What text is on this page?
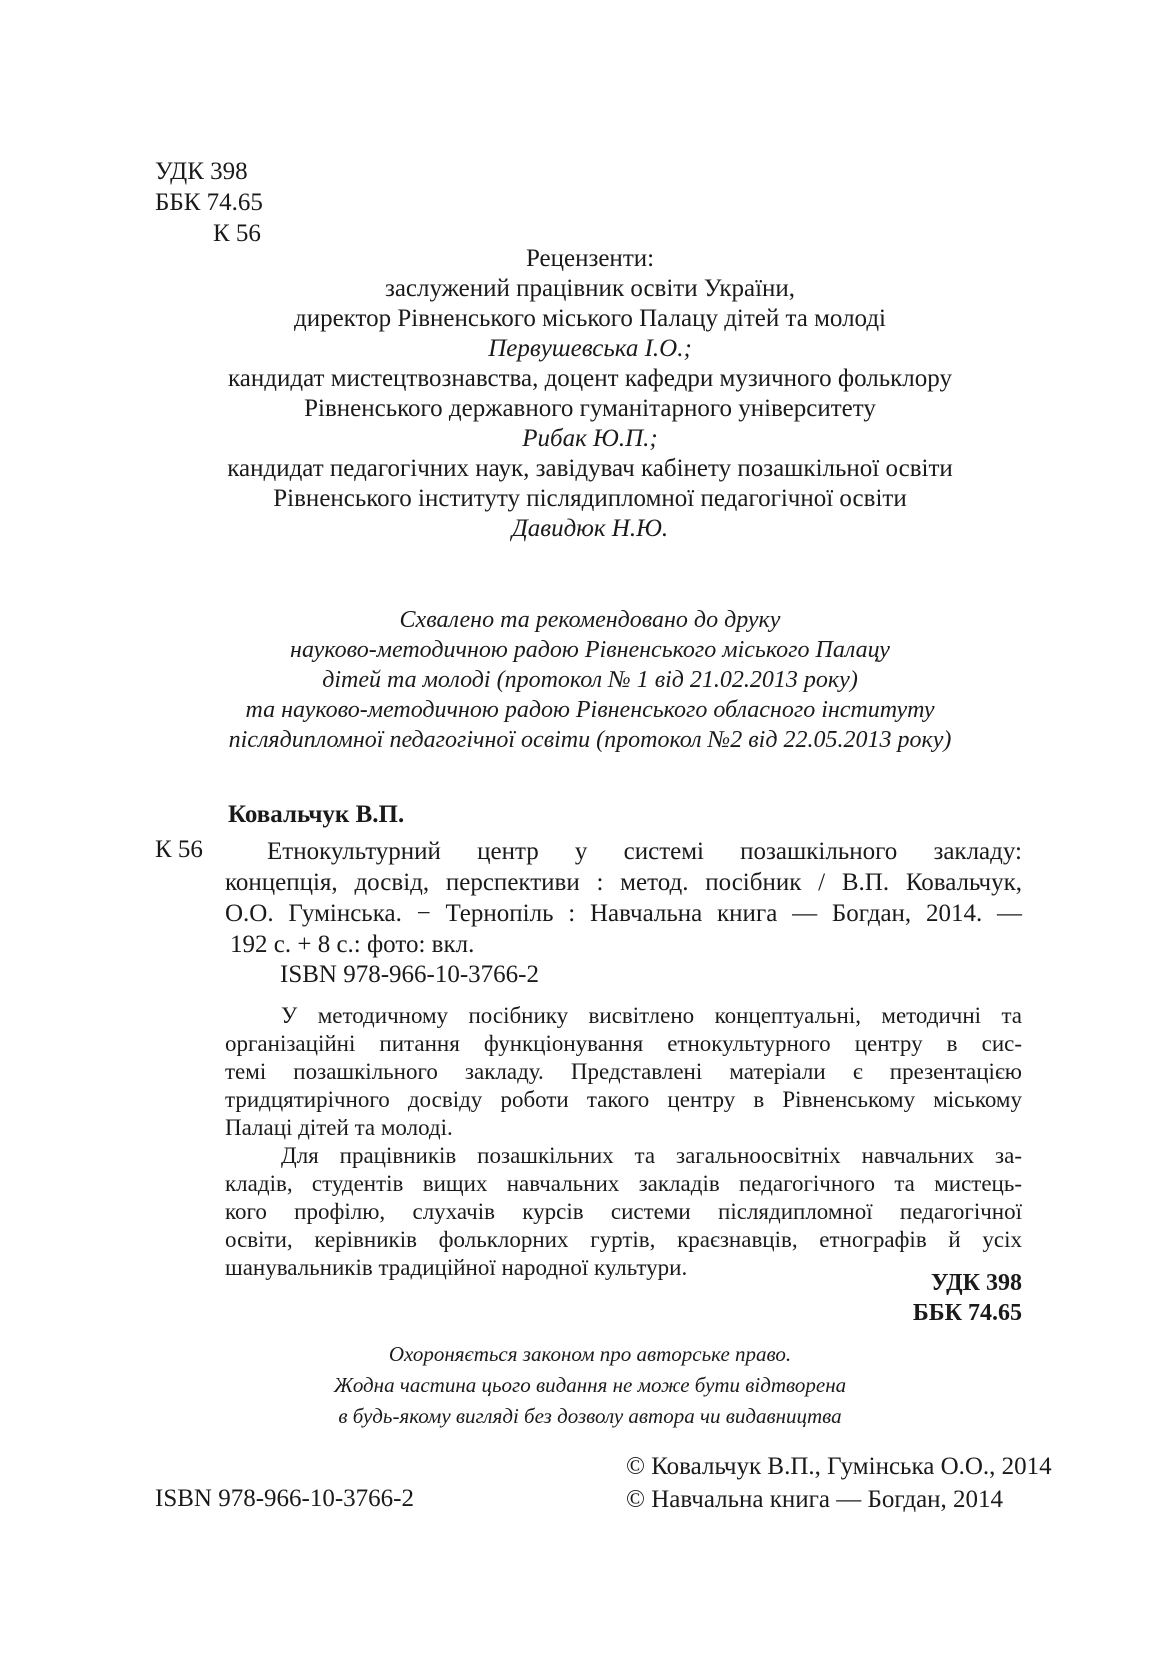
УДК 398
ББК 74.65
К 56
Рецензенти:
заслужений працівник освіти України,
директор Рівненського міського Палацу дітей та молоді
Первушевська І.О.;
кандидат мистецтвознавства, доцент кафедри музичного фольклору
Рівненського державного гуманітарного університету
Рибак Ю.П.;
кандидат педагогічних наук, завідувач кабінету позашкільної освіти
Рівненського інституту післядипломної педагогічної освіти
Давидюк Н.Ю.
Схвалено та рекомендовано до друку
науково-методичною радою Рівненського міського Палацу
дітей та молоді (протокол № 1 від 21.02.2013 року)
та науково-методичною радою Рівненського обласного інституту
післядипломної педагогічної освіти (протокол №2 від 22.05.2013 року)
Ковальчук В.П.
К 56	Етнокультурний центр у системі позашкільного закладу:
концепція, досвід, перспективи : метод. посібник / В.П. Ковальчук,
О.О. Гумінська. − Тернопіль : Навчальна книга — Богдан, 2014. —
192 с. + 8 с.: фото: вкл.
ISBN 978-966-10-3766-2
У методичному посібнику висвітлено концептуальні, методичні та
організаційні питання функціонування етнокультурного центру в сис-
темі позашкільного закладу. Представлені матеріали є презентацією
тридцятирічного досвіду роботи такого центру в Рівненському міському
Палаці дітей та молоді.
Для працівників позашкільних та загальноосвітніх навчальних за-
кладів, студентів вищих навчальних закладів педагогічного та мистець-
кого профілю, слухачів курсів системи післядипломної педагогічної
освіти, керівників фольклорних гуртів, краєзнавців, етнографів й усіх
шанувальників традиційної народної культури.
УДК 398
ББК 74.65
Охороняється законом про авторське право.
Жодна частина цього видання не може бути відтворена
в будь-якому вигляді без дозволу автора чи видавництва
ISBN 978-966-10-3766-2
© Ковальчук В.П., Гумінська О.О., 2014
© Навчальна книга — Богдан, 2014
